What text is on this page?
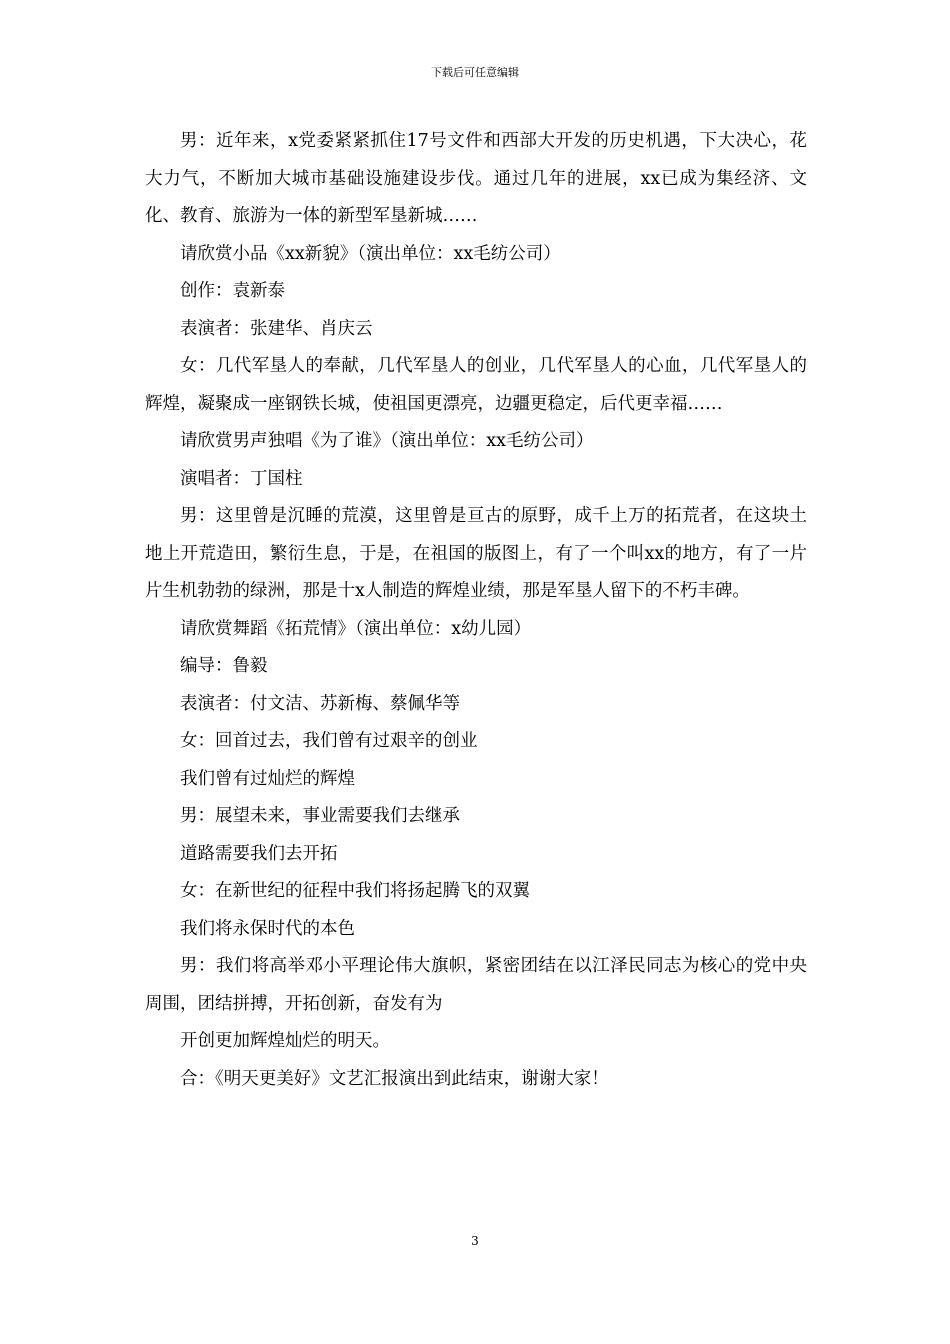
下载后可任意编辑

男：近年来，x党委紧紧抓住17号文件和西部大开发的历史机遇，下大决心，花大力气，不断加大城市基础设施建设步伐。通过几年的进展，xx已成为集经济、文化、教育、旅游为一体的新型军垦新城……

请欣赏小品《xx新貌》（演出单位：xx毛纺公司）

创作：袁新泰

表演者：张建华、肖庆云

女：几代军垦人的奉献，几代军垦人的创业，几代军垦人的心血，几代军垦人的辉煌，凝聚成一座钢铁长城，使祖国更漂亮，边疆更稳定，后代更幸福……

请欣赏男声独唱《为了谁》（演出单位：xx毛纺公司）

演唱者：丁国柱

男：这里曾是沉睡的荒漠，这里曾是亘古的原野，成千上万的拓荒者，在这块土地上开荒造田，繁衍生息，于是，在祖国的版图上，有了一个叫xx的地方，有了一片片生机勃勃的绿洲，那是十x人制造的辉煌业绩，那是军垦人留下的不朽丰碑。

请欣赏舞蹈《拓荒情》（演出单位：x幼儿园）

编导：鲁毅

表演者：付文洁、苏新梅、蔡佩华等

女：回首过去，我们曾有过艰辛的创业

我们曾有过灿烂的辉煌

男：展望未来，事业需要我们去继承

道路需要我们去开拓

女：在新世纪的征程中我们将扬起腾飞的双翼

我们将永保时代的本色

男：我们将高举邓小平理论伟大旗帜，紧密团结在以江泽民同志为核心的党中央周围，团结拼搏，开拓创新，奋发有为

开创更加辉煌灿烂的明天。

合：《明天更美好》文艺汇报演出到此结束，谢谢大家！

3
